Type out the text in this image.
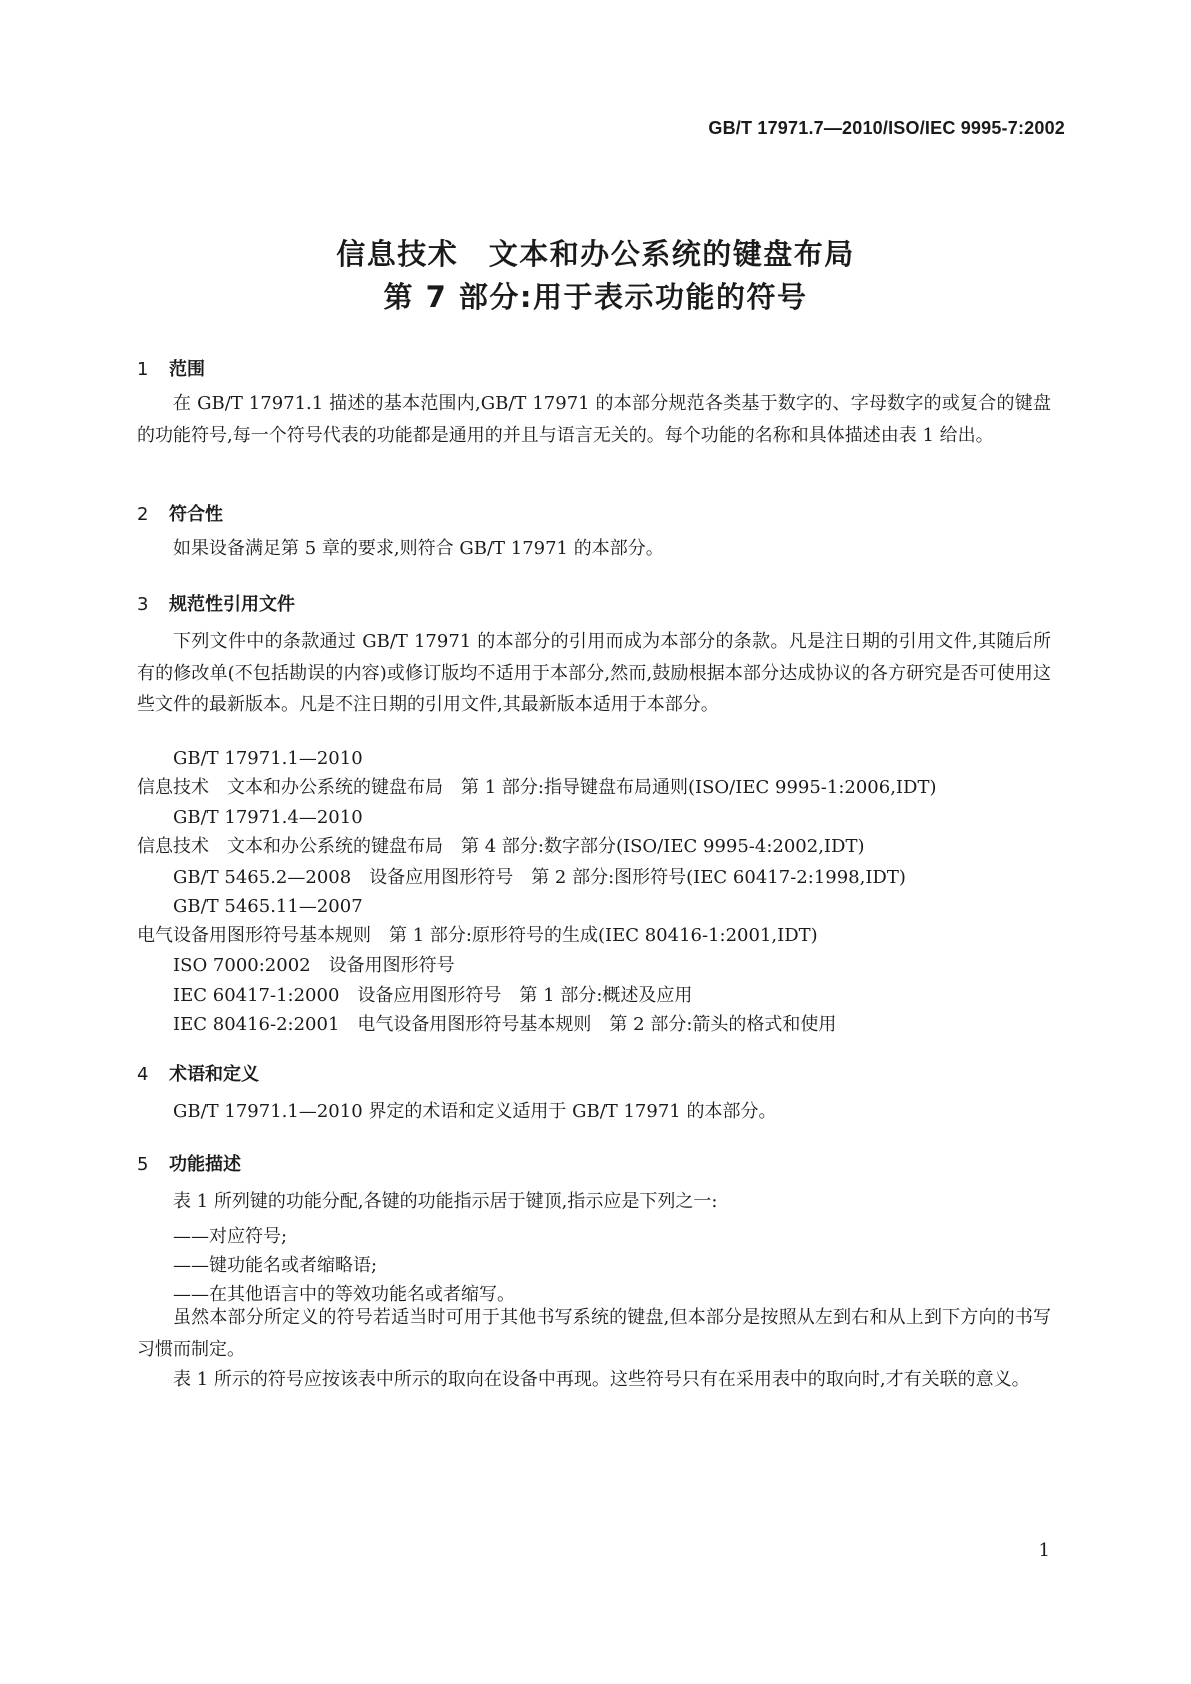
GB/T 17971.7—2010/ISO/IEC 9995-7:2002
信息技术　文本和办公系统的键盘布局
第 7 部分:用于表示功能的符号
1 范围

在 GB/T 17971.1 描述的基本范围内,GB/T 17971 的本部分规范各类基于数字的、字母数字的或复合的键盘的功能符号,每一个符号代表的功能都是通用的并且与语言无关的。每个功能的名称和具体描述由表 1 给出。

2 符合性

如果设备满足第 5 章的要求,则符合 GB/T 17971 的本部分。

3 规范性引用文件

下列文件中的条款通过 GB/T 17971 的本部分的引用而成为本部分的条款。凡是注日期的引用文件,其随后所有的修改单(不包括勘误的内容)或修订版均不适用于本部分,然而,鼓励根据本部分达成协议的各方研究是否可使用这些文件的最新版本。凡是不注日期的引用文件,其最新版本适用于本部分。

GB/T 17971.1—2010　信息技术　文本和办公系统的键盘布局　第 1 部分:指导键盘布局通则(ISO/IEC 9995-1:2006,IDT)

GB/T 17971.4—2010　信息技术　文本和办公系统的键盘布局　第 4 部分:数字部分(ISO/IEC 9995-4:2002,IDT)

GB/T 5465.2—2008　 设备应用图形符号　第 2 部分:图形符号(IEC 60417-2:1998,IDT)

GB/T 5465.11—2007　电气设备用图形符号基本规则　第 1 部分:原形符号的生成(IEC 80416-1:2001,IDT)

ISO 7000:2002　 设备用图形符号

IEC 60417-1:2000　 设备应用图形符号　第 1 部分:概述及应用

IEC 80416-2:2001　 电气设备用图形符号基本规则　第 2 部分:箭头的格式和使用

4 术语和定义

GB/T 17971.1—2010 界定的术语和定义适用于 GB/T 17971 的本部分。

5 功能描述

表 1 所列键的功能分配,各键的功能指示居于键顶,指示应是下列之一:

——对应符号;
——键功能名或者缩略语;
——在其他语言中的等效功能名或者缩写。

虽然本部分所定义的符号若适当时可用于其他书写系统的键盘,但本部分是按照从左到右和从上到下方向的书写习惯而制定。

表 1 所示的符号应按该表中所示的取向在设备中再现。这些符号只有在采用表中的取向时,才有关联的意义。

1
